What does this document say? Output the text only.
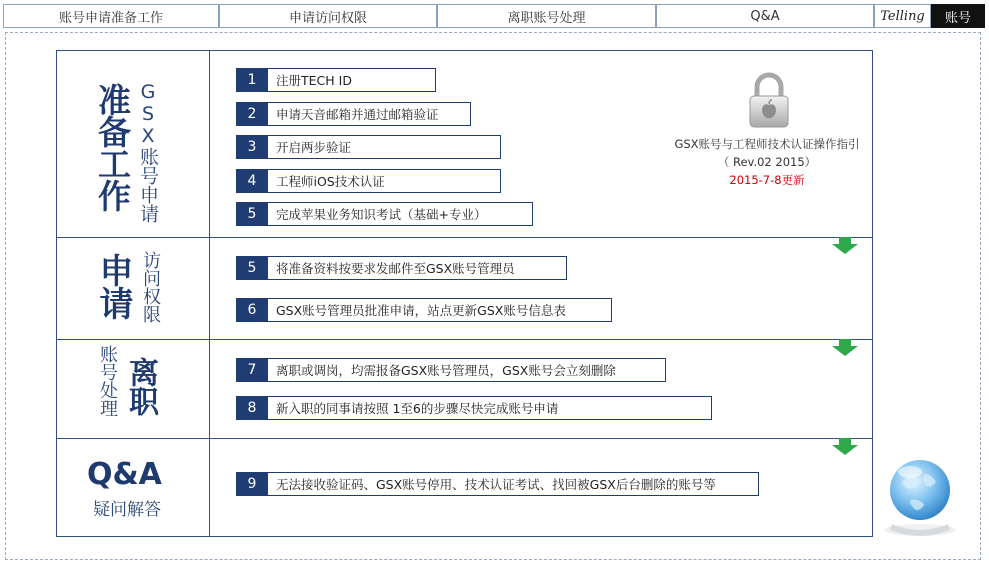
账号申请准备工作	申请访问权限	离职账号处理	Q&A	Telling	账号
准备工作 GSX账号申请
申请 访问权限
账号处理 离职
Q&A
疑问解答
1	注册TECH ID
2	申请天音邮箱并通过邮箱验证
3	开启两步验证
4	工程师iOS技术认证
5	完成苹果业务知识考试（基础+专业）
5	将准备资料按要求发邮件至GSX账号管理员
6	GSX账号管理员批准申请，站点更新GSX账号信息表
7	离职或调岗，均需报备GSX账号管理员，GSX账号会立刻删除
8	新入职的同事请按照 1至6的步骤尽快完成账号申请
9	无法接收验证码、GSX账号停用、技术认证考试、找回被GSX后台删除的账号等
GSX账号与工程师技术认证操作指引
（ Rev.02 2015）
2015-7-8更新
